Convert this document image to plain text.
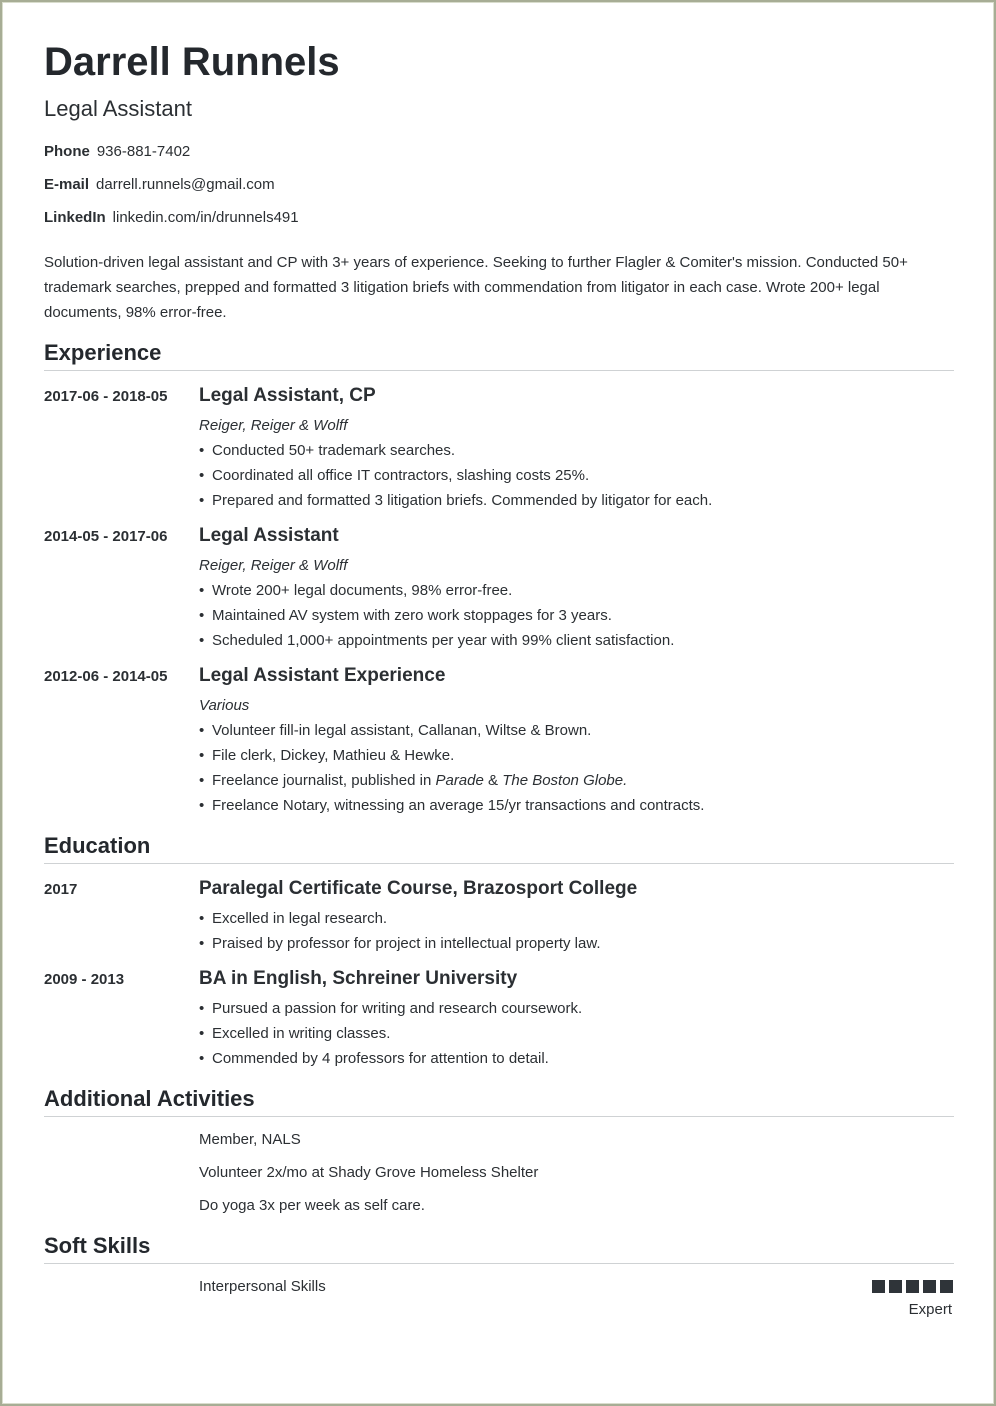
Darrell Runnels
Legal Assistant
Phone 936-881-7402
E-mail darrell.runnels@gmail.com
LinkedIn linkedin.com/in/drunnels491

Solution-driven legal assistant and CP with 3+ years of experience. Seeking to further Flagler & Comiter's mission. Conducted 50+ trademark searches, prepped and formatted 3 litigation briefs with commendation from litigator in each case. Wrote 200+ legal documents, 98% error-free.

Experience
2017-06 - 2018-05 Legal Assistant, CP
Reiger, Reiger & Wolff
• Conducted 50+ trademark searches.
• Coordinated all office IT contractors, slashing costs 25%.
• Prepared and formatted 3 litigation briefs. Commended by litigator for each.
2014-05 - 2017-06 Legal Assistant
Reiger, Reiger & Wolff
• Wrote 200+ legal documents, 98% error-free.
• Maintained AV system with zero work stoppages for 3 years.
• Scheduled 1,000+ appointments per year with 99% client satisfaction.
2012-06 - 2014-05 Legal Assistant Experience
Various
• Volunteer fill-in legal assistant, Callanan, Wiltse & Brown.
• File clerk, Dickey, Mathieu & Hewke.
• Freelance journalist, published in Parade & The Boston Globe.
• Freelance Notary, witnessing an average 15/yr transactions and contracts.
Education
2017	Paralegal Certificate Course, Brazosport College
• Excelled in legal research.
• Praised by professor for project in intellectual property law.
2009 - 2013	BA in English, Schreiner University
• Pursued a passion for writing and research coursework.
• Excelled in writing classes.
• Commended by 4 professors for attention to detail.
Additional Activities
Member, NALS
Volunteer 2x/mo at Shady Grove Homeless Shelter
Do yoga 3x per week as self care.
Soft Skills
Interpersonal Skills
Expert
